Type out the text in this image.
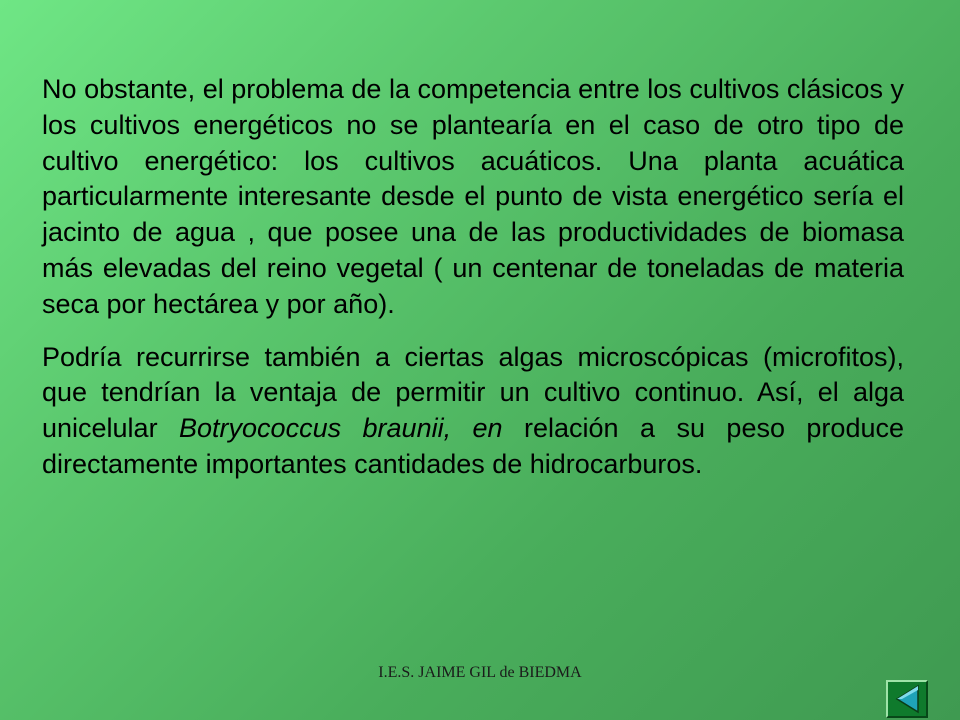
No obstante, el problema de la competencia entre los cultivos clásicos y los cultivos energéticos no se plantearía en el caso de otro tipo de cultivo energético: los cultivos acuáticos. Una planta acuática particularmente interesante desde el punto de vista energético sería el jacinto de agua , que posee una de las productividades de biomasa más elevadas del reino vegetal ( un centenar de toneladas de materia seca por hectárea y por año).

Podría recurrirse también a ciertas algas microscópicas (microfitos), que tendrían la ventaja de permitir un cultivo continuo. Así, el alga unicelular Botryococcus braunii, en relación a su peso produce directamente importantes cantidades de hidrocarburos.

I.E.S. JAIME GIL de BIEDMA
